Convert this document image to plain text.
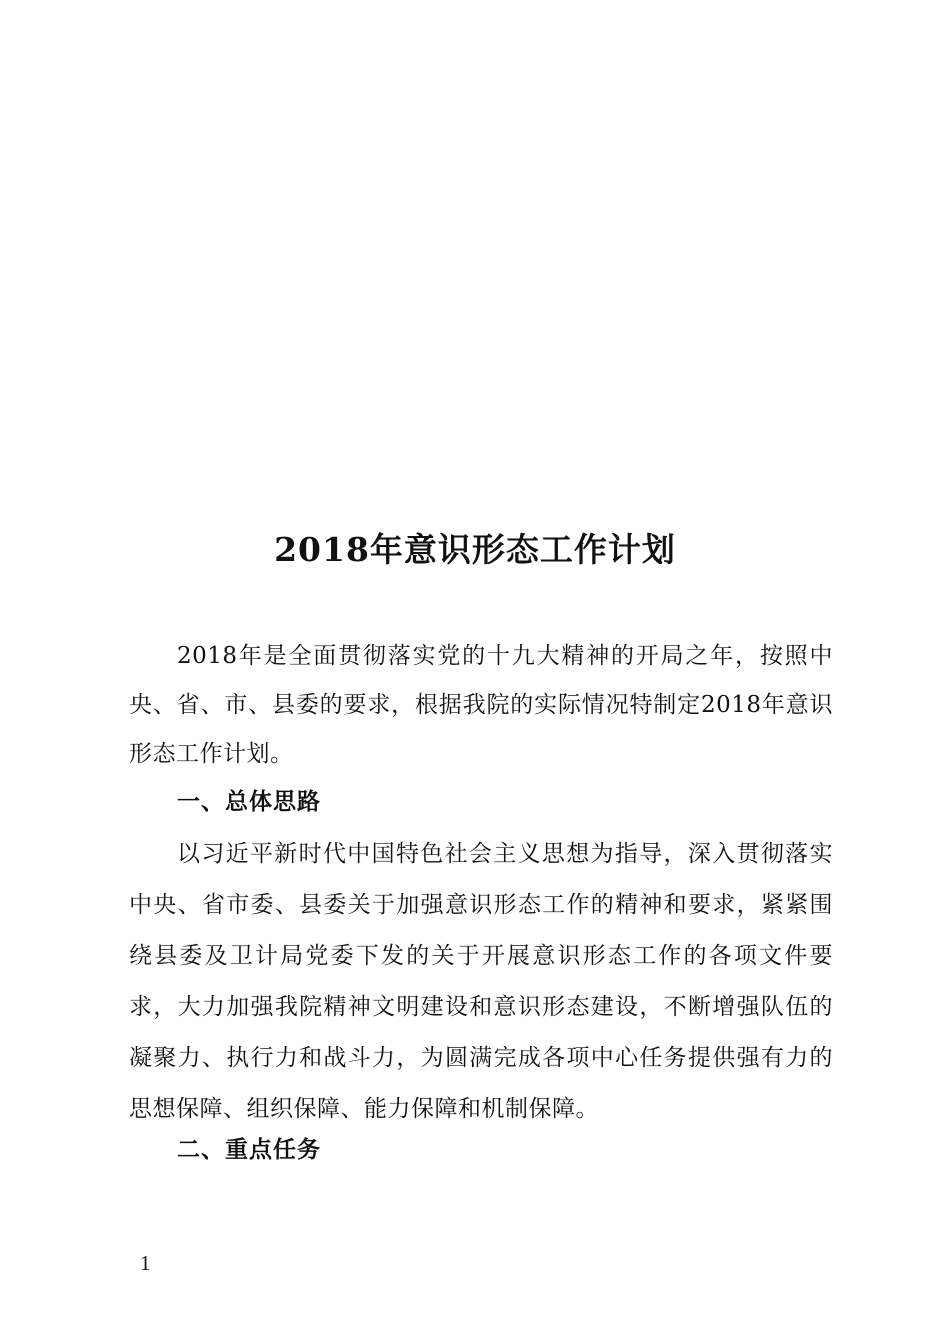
2018年意识形态工作计划
2018年是全面贯彻落实党的十九大精神的开局之年，按照中央、省、市、县委的要求，根据我院的实际情况特制定2018年意识形态工作计划。
一、总体思路
以习近平新时代中国特色社会主义思想为指导，深入贯彻落实中央、省市委、县委关于加强意识形态工作的精神和要求，紧紧围绕县委及卫计局党委下发的关于开展意识形态工作的各项文件要求，大力加强我院精神文明建设和意识形态建设，不断增强队伍的凝聚力、执行力和战斗力，为圆满完成各项中心任务提供强有力的思想保障、组织保障、能力保障和机制保障。
二、重点任务
1
